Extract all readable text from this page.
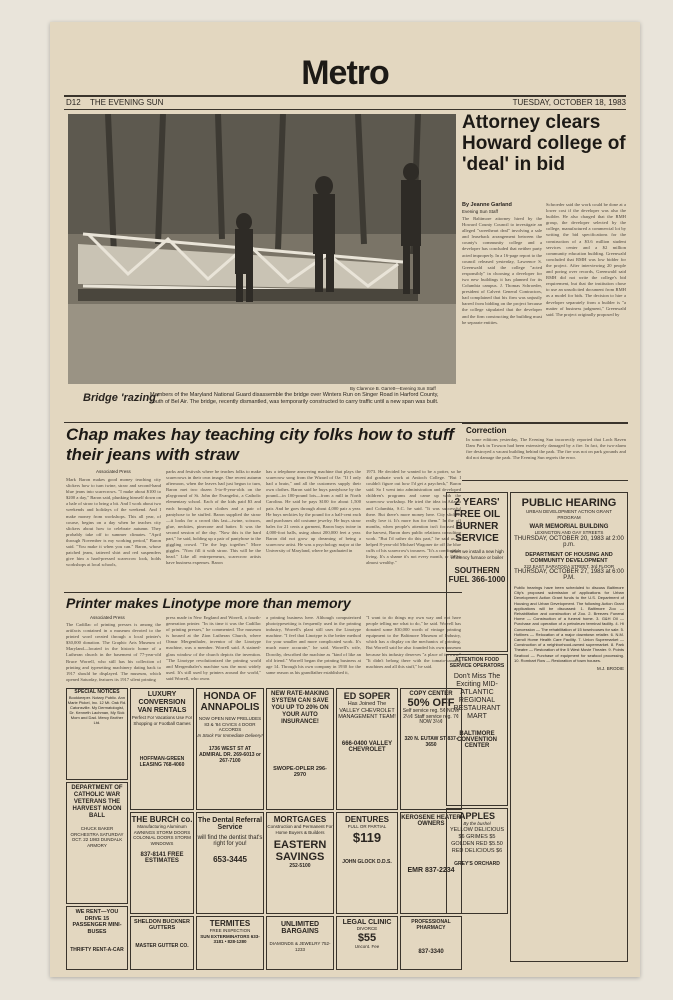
Metro
D12 THE EVENING SUN	TUESDAY, OCTOBER 18, 1983
By Clarence B. Garrett—Evening Sun Staff
Bridge 'razing'
Members of the Maryland National Guard disassemble the bridge over Winters Run on Singer Road in Harford County, south of Bel Air. The bridge, recently dismantled, was temporarily constructed to carry traffic until a new span was built.
Attorney clears Howard college of 'deal' in bid
By Jeanne Garland
Evening Sun Staff
The Baltimore attorney hired by the Howard County Council to investigate an alleged "sweetheart deal" involving a sale and leaseback arrangement between the county's community college and a developer has concluded that neither party acted improperly. In a 16-page report to the council released yesterday, Lawrence S. Greenwald said the college "acted responsibly" in choosing a developer for two new buildings it has planned for its Columbia campus. J. Thomas Schroeder, president of Calvert General Contractors, had complained that his firm was unjustly barred from bidding on the project because the college stipulated that the developer and the firm constructing the building must be separate entities.
Schroeder said the work could be done at a lower cost if the developer was also the builder. He also charged that the RMH group, the developer selected by the college, manufactured a commercial lot by writing the bid specifications for the construction of a $3.6 million student services center and a $2 million community education building. Greenwald concluded that RMH was low bidder for the project. After interviewing 20 people and poring over records, Greenwald said RMH did not write the college's bid requirement, but that the institution chose to use an unsolicited document from RMH as a model for bids. The decision to hire a developer separately from a builder is "a matter of business judgment," Greenwald said. The project originally proposed by
Chap makes hay teaching city folks how to stuff their jeans with straw
Associated Press
Mark Baron makes good money teaching city slickers how to turn twine, straw and second-hand blue jeans into scarecrows. "I make about $100 to $200 a day," Baron said, plunking himself down on a bale of straw to bring a bit. And I work about two weekends and holidays of the weekend. And I make money from workshops. This all year, of course, begins on a day when he teaches city slickers about how to celebrate autumn. They probably take off to summer climates. "April through November is my working period," Baron said. "You make it when you can." Baron, whose patched jeans, tattered shirt and red suspenders give him a hard-pressed scarecrow look, holds workshops at local schools,
parks and festivals where he teaches folks to make scarecrows in their own image. One recent autumn afternoon, when the leaves had just begun to turn, Baron met two dozen 5-to-8-year-olds on the playground of St. John the Evangelist, a Catholic elementary school. Each of the kids paid $3 and each brought his own clothes and a pair of pantyhose to be stuffed. Baron supplied the straw—it looks for a crowd this last—twine, scissors, glue, neckties, pinecone and batter. It was the second session of the day. "Now this is the hard part," he said, holding up a pair of pantyhose to the giggling crowd. "Tie the legs together." More giggles. "Now fill it with straw. This will be the head." Like all entrepreneurs, scarecrow artists have business expenses. Baron
has a telephone answering machine that plays the scarecrow song from the Wizard of Oz: "If I only had a brain," and all the customers supply their own clothes. Baron said he buys pantyhose by the pound—in 100-pound lots—from a mill in North Carolina. He said he pays $100 for about 1,500 pair. And he goes through about 4,000 pair a year. He buys neckties by the pound for a half-cent each and purchases old costume jewelry. He buys straw bales for 21 cents a garment, Baron buys twine in 4,000-foot balls, using about 200,000 feet a year. Baron did not grow up dreaming of being a scarecrow artist. He was a psychology major at the University of Maryland, where he graduated in
1973. He decided he wanted to be a potter, so he did graduate work at Antioch College. "But I couldn't figure out how I'd get a paycheck," Baron said. So I went into administration and developed children's programs and came up with the scarecrow workshop. He tried the idea in Atlanta and Columbia, S.C. he said. "It was successful there. But there's more money here. City slickers really love it. It's more fun for them." In the off months, when people's attention isn't focused on the harvest, Baron does public relations consulting work. "But I'd rather do this part," he said as he helped 8-year-old Michael Wagoner tie off the blue cuffs of his scarecrow's trousers. "It's a comfortable living. It's a shame it's not every month, or I'd be almost wealthy."
Correction
In some editions yesterday, The Evening Sun incorrectly reported that Loch Raven Dam Park in Towson had been extensively damaged by a fire. In fact, the two-alarm fire destroyed a vacant building behind the park. The fire was not on park grounds and did not damage the park. The Evening Sun regrets the error.
Printer makes Linotype more than memory
Associated Press
The Cadillac of printing presses is among the artifacts contained in a museum devoted to the printed word created through a local printer's $30,000 donation. The Graphic Arts Museum of Maryland—located in the historic home of a Lutheran church in the basement of 77-year-old Bruce Worrell, who still has his collection of printing and typesetting machinery dating back to 1917 should be displayed. The museum, which opened Saturday, features its 1917 silent printing
press made in New England and Worrell, a fourth-generation printer. "In its time it was the Cadillac of printing presses," he commented. The museum is housed at the Zion Lutheran Church, where Otmar Mergenthaler, inventor of the Linotype machine, was a member. Worrell said. A stained-glass window of the church depicts the invention. "The Linotype revolutionized the printing world and Mergenthaler's machine was the most widely used. It's still used by printers around the world," said Worrell, who owns
a printing business here. Although computerized phototypesetting is frequently used in the printing industry, Worrell's plant still uses the Linotype machine. "I feel that Linotype is the better method for your smaller and more complicated work. It's much more accurate," he said. Worrell's wife, Dorothy, described the machine as "kind of like an old friend." Worrell began the printing business at age 14. Through his own company in 1930 for the same reason as his grandfather established it,
"I want to do things my own way and not have people telling me what to do," he said. Worrell has donated some $30,000 worth of vintage printing equipment to the Baltimore Museum of Industry, which has a display on the mechanics of printing. But Worrell said he also founded his own museum because his industry deserves "a place of its own." "It didn't belong there with the tomato-canning machines and all this stuff," he said.
2 YEARS' FREE OIL BURNER SERVICE
when we install a new high efficiency furnace or boiler
SOUTHERN FUEL 366-1000
PUBLIC HEARING
URBAN DEVELOPMENT ACTION GRANT PROGRAM
WAR MEMORIAL BUILDING
LEXINGTON AND GAY STREETS
THURSDAY, OCTOBER 20, 1983 at 2:00 p.m.
DEPARTMENT OF HOUSING AND COMMUNITY DEVELOPMENT
222 EAST SARATOGA STREET, 3rd FLOOR
THURSDAY, OCTOBER 27, 1983 at 6:00 P.M.
Public hearings have been scheduled to discuss Baltimore City's proposed submission of applications for Urban Development Action Grant funds to the U.S. Department of Housing and Urban Development. The following Action Grant applications will be discussed: 1. Baltimore Zoo — Rehabilitation and construction of Zoo. 2. Breezes Funeral Home — Construction of a funeral home. 3. G&H Oil — Purchase and operation of a petroleum terminal facility. 4. Hi Concession — The rehabilitation of 15 townhouses for sale. 5. Hotlines — Relocation of a major downtown retailer. 6. N.M. Carroll Home Health Care Facility. 7. Union Supermarket — Construction of a neighborhood-owned supermarket. 8. Park Theatre — Restoration of the 5 West Movie Theater. 9. Points Seafood — Purchase of equipment for seafood processing. 10. Rombart Row — Restoration of town houses.
M.J. BRODIE
SPECIAL NOTICES
Bookkeeper. Notary Public. Ann Marie Pickel, Inc. 12 Mt. Oak Rd. Catonsville. My Dermatologist, Dr. Kenneth Lachman, My Sick Mom and Dad. Mercy Brother Ltd.
LUXURY CONVERSION VAN RENTALS
Perfect For Vacations Use For Shopping or Football Games
HOFFMAN-GREEN LEASING 768-4060
HONDA OF ANNAPOLIS
NOW OPEN NEW PRELUDES 83 & '84 CIVICS 4 DOOR ACCORDS
In Stock For Immediate Delivery!
1736 WEST ST AT ADMIRAL DR. 269-6013 or 267-7100
NEW RATE-MAKING SYSTEM CAN SAVE YOU UP TO 20% ON YOUR AUTO INSURANCE!
SWOPE-OPLER 296-2970
ED SOPER
Has Joined The VALLEY CHEVROLET MANAGEMENT TEAM!
666-0400 VALLEY CHEVROLET
COPY CENTER
50% OFF
Self service reg. 5¢ NOW 2½¢ Staff service reg. 7¢ NOW 3½¢
320 N. EUTAW ST 837-3650
ATTENTION FOOD SERVICE OPERATORS
Don't Miss The Exciting MID-ATLANTIC REGIONAL RESTAURANT MART
BALTIMORE CONVENTION CENTER
DEPARTMENT OF CATHOLIC WAR VETERANS THE HARVEST MOON BALL
CHUCK BAKER ORCHESTRA SATURDAY OCT. 22 1983 DUNDALK ARMORY
THE BURCH co.
Manufacturing Aluminum AWNINGS STORM DOORS COLONIAL DOORS STORM WINDOWS
837-8141 FREE ESTIMATES
The Dental Referral Service
will find the dentist that's right for you!
653-3445
MORTGAGES
Construction and Permanent For Home Buyers & Builders
EASTERN SAVINGS
252-5100
DENTURES
FULL OR PARTIAL
$119
JOHN GLOCK D.D.S.
KEROSENE HEATER OWNERS
EMR 837-2234
APPLES
By the bushel
YELLOW DELICIOUS $6 GRIMES $5 GOLDEN RED $5.50 RED DELICIOUS $6
GREY'S ORCHARD
WE RENT—YOU DRIVE 15 PASSENGER MINI-BUSES
THRIFTY RENT-A-CAR
SHELDON BUCKNER GUTTERS
MASTER GUTTER CO.
TERMITES
FREE INSPECTION
SUN EXTERMINATORS 633-3181 • 828-1280
UNLIMITED BARGAINS
DIAMONDS & JEWELRY 752-1233
LEGAL CLINIC
DIVORCE
$55
Uncont. Fee
PROFESSIONAL PHARMACY
837-3340
